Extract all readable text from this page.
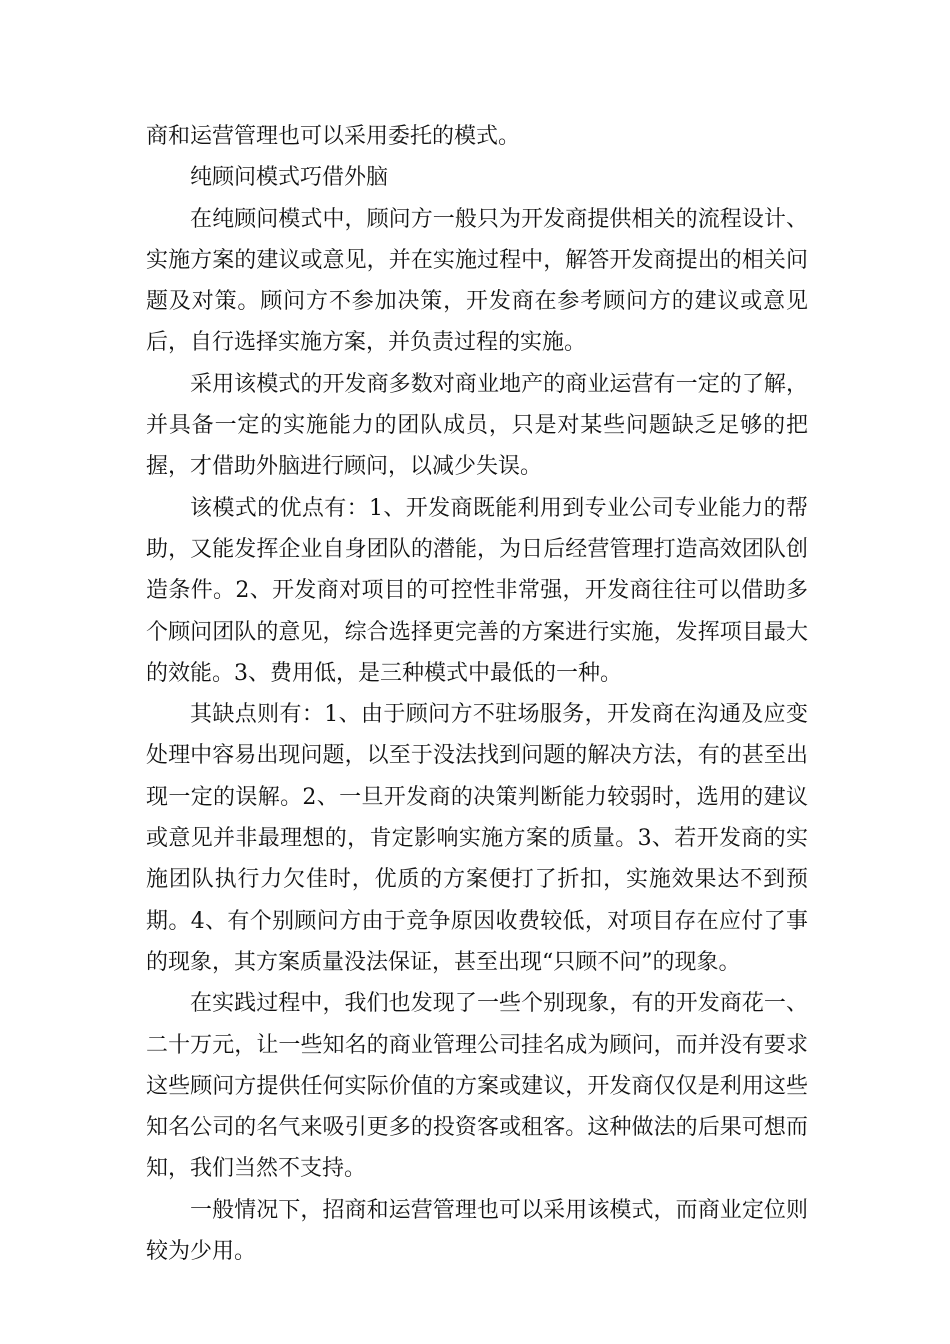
商和运营管理也可以采用委托的模式。

纯顾问模式巧借外脑

在纯顾问模式中，顾问方一般只为开发商提供相关的流程设计、实施方案的建议或意见，并在实施过程中，解答开发商提出的相关问题及对策。顾问方不参加决策，开发商在参考顾问方的建议或意见后，自行选择实施方案，并负责过程的实施。

采用该模式的开发商多数对商业地产的商业运营有一定的了解，并具备一定的实施能力的团队成员，只是对某些问题缺乏足够的把握，才借助外脑进行顾问，以减少失误。

该模式的优点有：1、开发商既能利用到专业公司专业能力的帮助，又能发挥企业自身团队的潜能，为日后经营管理打造高效团队创造条件。2、开发商对项目的可控性非常强，开发商往往可以借助多个顾问团队的意见，综合选择更完善的方案进行实施，发挥项目最大的效能。3、费用低，是三种模式中最低的一种。

其缺点则有：1、由于顾问方不驻场服务，开发商在沟通及应变处理中容易出现问题，以至于没法找到问题的解决方法，有的甚至出现一定的误解。2、一旦开发商的决策判断能力较弱时，选用的建议或意见并非最理想的，肯定影响实施方案的质量。3、若开发商的实施团队执行力欠佳时，优质的方案便打了折扣，实施效果达不到预期。4、有个别顾问方由于竞争原因收费较低，对项目存在应付了事的现象，其方案质量没法保证，甚至出现“只顾不问”的现象。

在实践过程中，我们也发现了一些个别现象，有的开发商花一、二十万元，让一些知名的商业管理公司挂名成为顾问，而并没有要求这些顾问方提供任何实际价值的方案或建议，开发商仅仅是利用这些知名公司的名气来吸引更多的投资客或租客。这种做法的后果可想而知，我们当然不支持。

一般情况下，招商和运营管理也可以采用该模式，而商业定位则较为少用。
